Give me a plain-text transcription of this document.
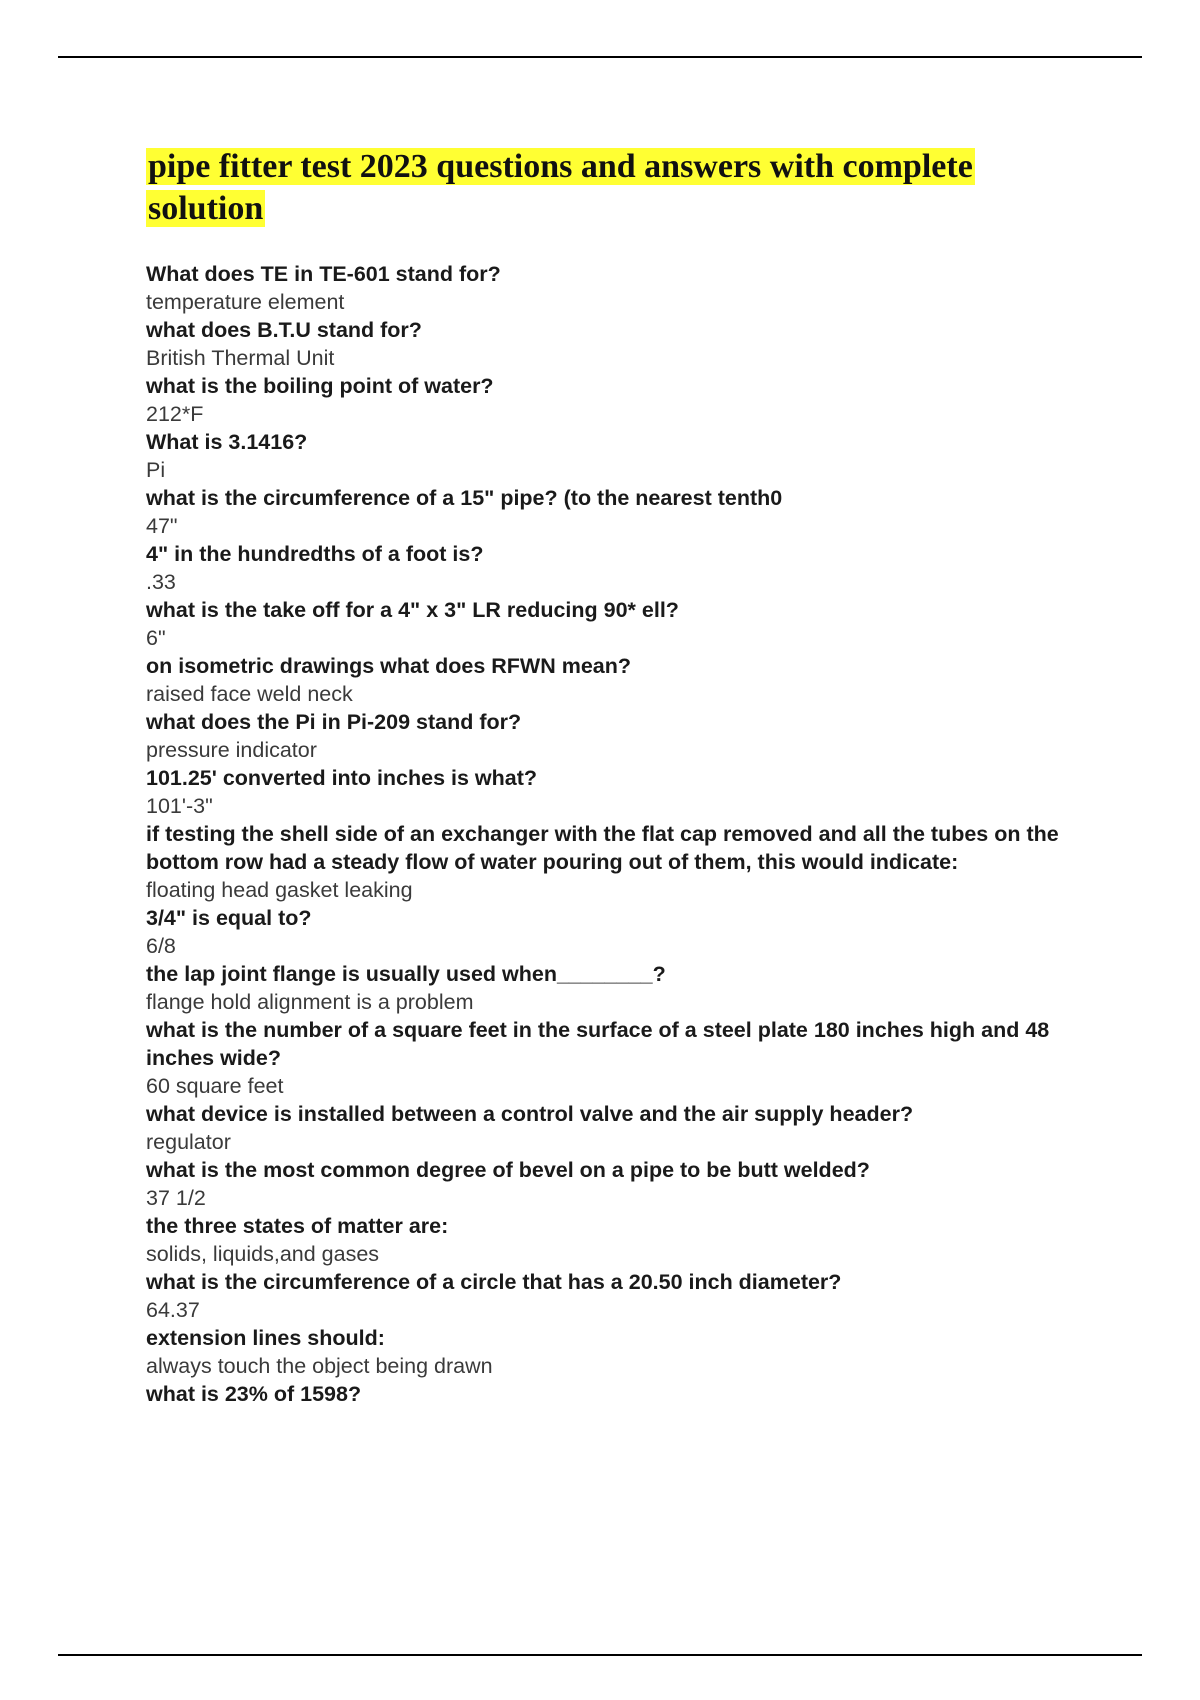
pipe fitter test 2023 questions and answers with complete solution
What does TE in TE-601 stand for?
temperature element
what does B.T.U stand for?
British Thermal Unit
what is the boiling point of water?
212*F
What is 3.1416?
Pi
what is the circumference of a 15" pipe? (to the nearest tenth0
47"
4" in the hundredths of a foot is?
.33
what is the take off for a 4" x 3" LR reducing 90* ell?
6"
on isometric drawings what does RFWN mean?
raised face weld neck
what does the Pi in Pi-209 stand for?
pressure indicator
101.25' converted into inches is what?
101'-3"
if testing the shell side of an exchanger with the flat cap removed and all the tubes on the bottom row had a steady flow of water pouring out of them, this would indicate:
floating head gasket leaking
3/4" is equal to?
6/8
the lap joint flange is usually used when________?
flange hold alignment is a problem
what is the number of a square feet in the surface of a steel plate 180 inches high and 48 inches wide?
60 square feet
what device is installed between a control valve and the air supply header?
regulator
what is the most common degree of bevel on a pipe to be butt welded?
37 1/2
the three states of matter are:
solids, liquids,and gases
what is the circumference of a circle that has a 20.50 inch diameter?
64.37
extension lines should:
always touch the object being drawn
what is 23% of 1598?
